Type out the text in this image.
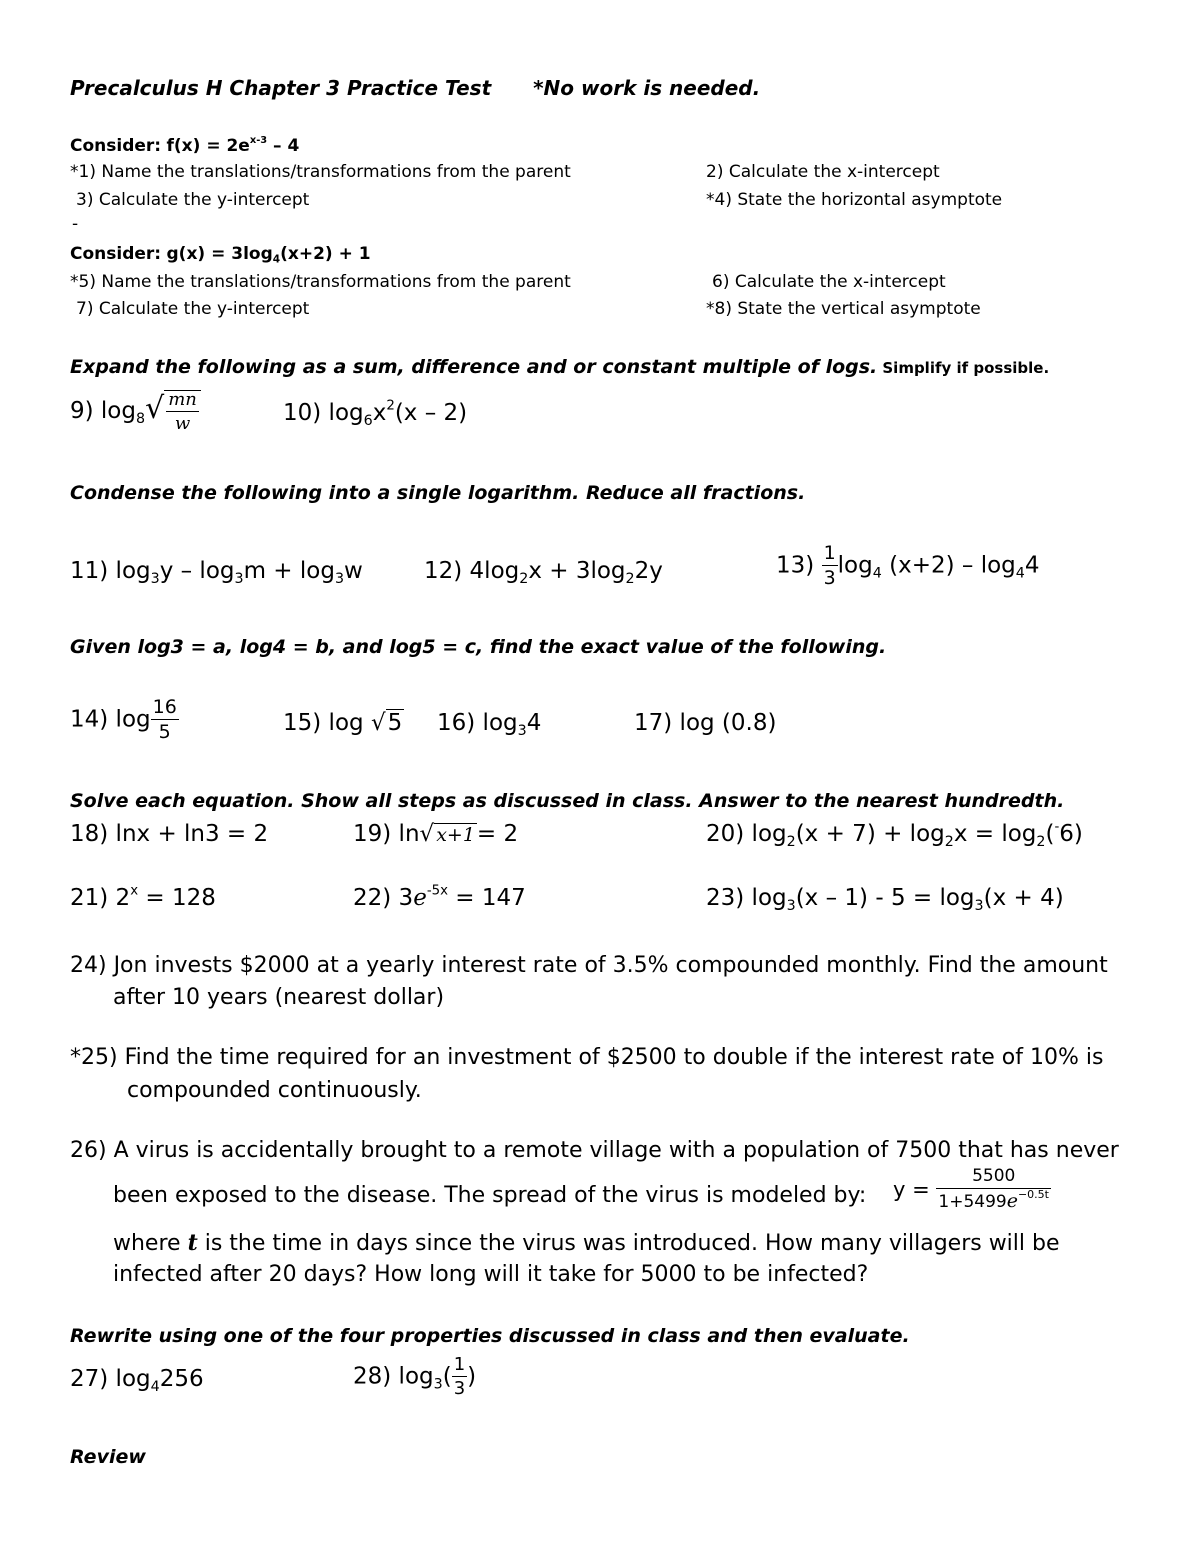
Precalculus H Chapter 3 Practice Test *No work is needed.
Consider: $f(x) = 2e^{x-3} - 4$
*1) Name the translations/transformations from the parent	2) Calculate the x-intercept
3) Calculate the y-intercept	*4) State the horizontal asymptote
-
Consider: $g(x) = 3\log_4(x+2) + 1$
*5) Name the translations/transformations from the parent	6) Calculate the x-intercept
7) Calculate the y-intercept	*8) State the vertical asymptote
Expand the following as a sum, difference and or constant multiple of logs. Simplify if possible.
9) $\log_8√ \frac{mn}{w}$	10) $\log_6x^2(x - 2)$
Condense the following into a single logarithm. Reduce all fractions.
11) $\log_3y - \log_3m + \log_3w$	12) $4\log_2x + 3\log_22y$	$13) \frac{1}{3} \log_4 (x+2) - \log_44$
Given log3 = a, log4 = b, and log5 = c, find the exact value of the following.
14) $\log \frac{16}{5}$	15) log √5 16) $\log_34$	17) log (0.8)
Solve each equation. Show all steps as discussed in class. Answer to the nearest hundredth.
18) lnx + ln3 = 2	19) ln√ x+1= 2	20) $\log_2(x + 7) + \log_2x = \log_2(^-6)$
21) $2^x = 128$	22) $3e^{-5x} = 147$	23) $\log_3(x - 1) - 5 = \log_3(x + 4)$
24) Jon invests $2000 at a yearly interest rate of 3.5% compounded monthly. Find the amount
after 10 years (nearest dollar)
*25) Find the time required for an investment of $2500 to double if the interest rate of 10% is
compounded continuously.
26) A virus is accidentally brought to a remote village with a population of 7500 that has never
been exposed to the disease. The spread of the virus is modeled by: $y = \frac{5500}{1+5499e^{-0.5t}}$
where t is the time in days since the virus was introduced. How many villagers will be
infected after 20 days? How long will it take for 5000 to be infected?
Rewrite using one of the four properties discussed in class and then evaluate.
27) $\log_4256$	28) $\log_3( \frac{1}{3}$ )
Review
